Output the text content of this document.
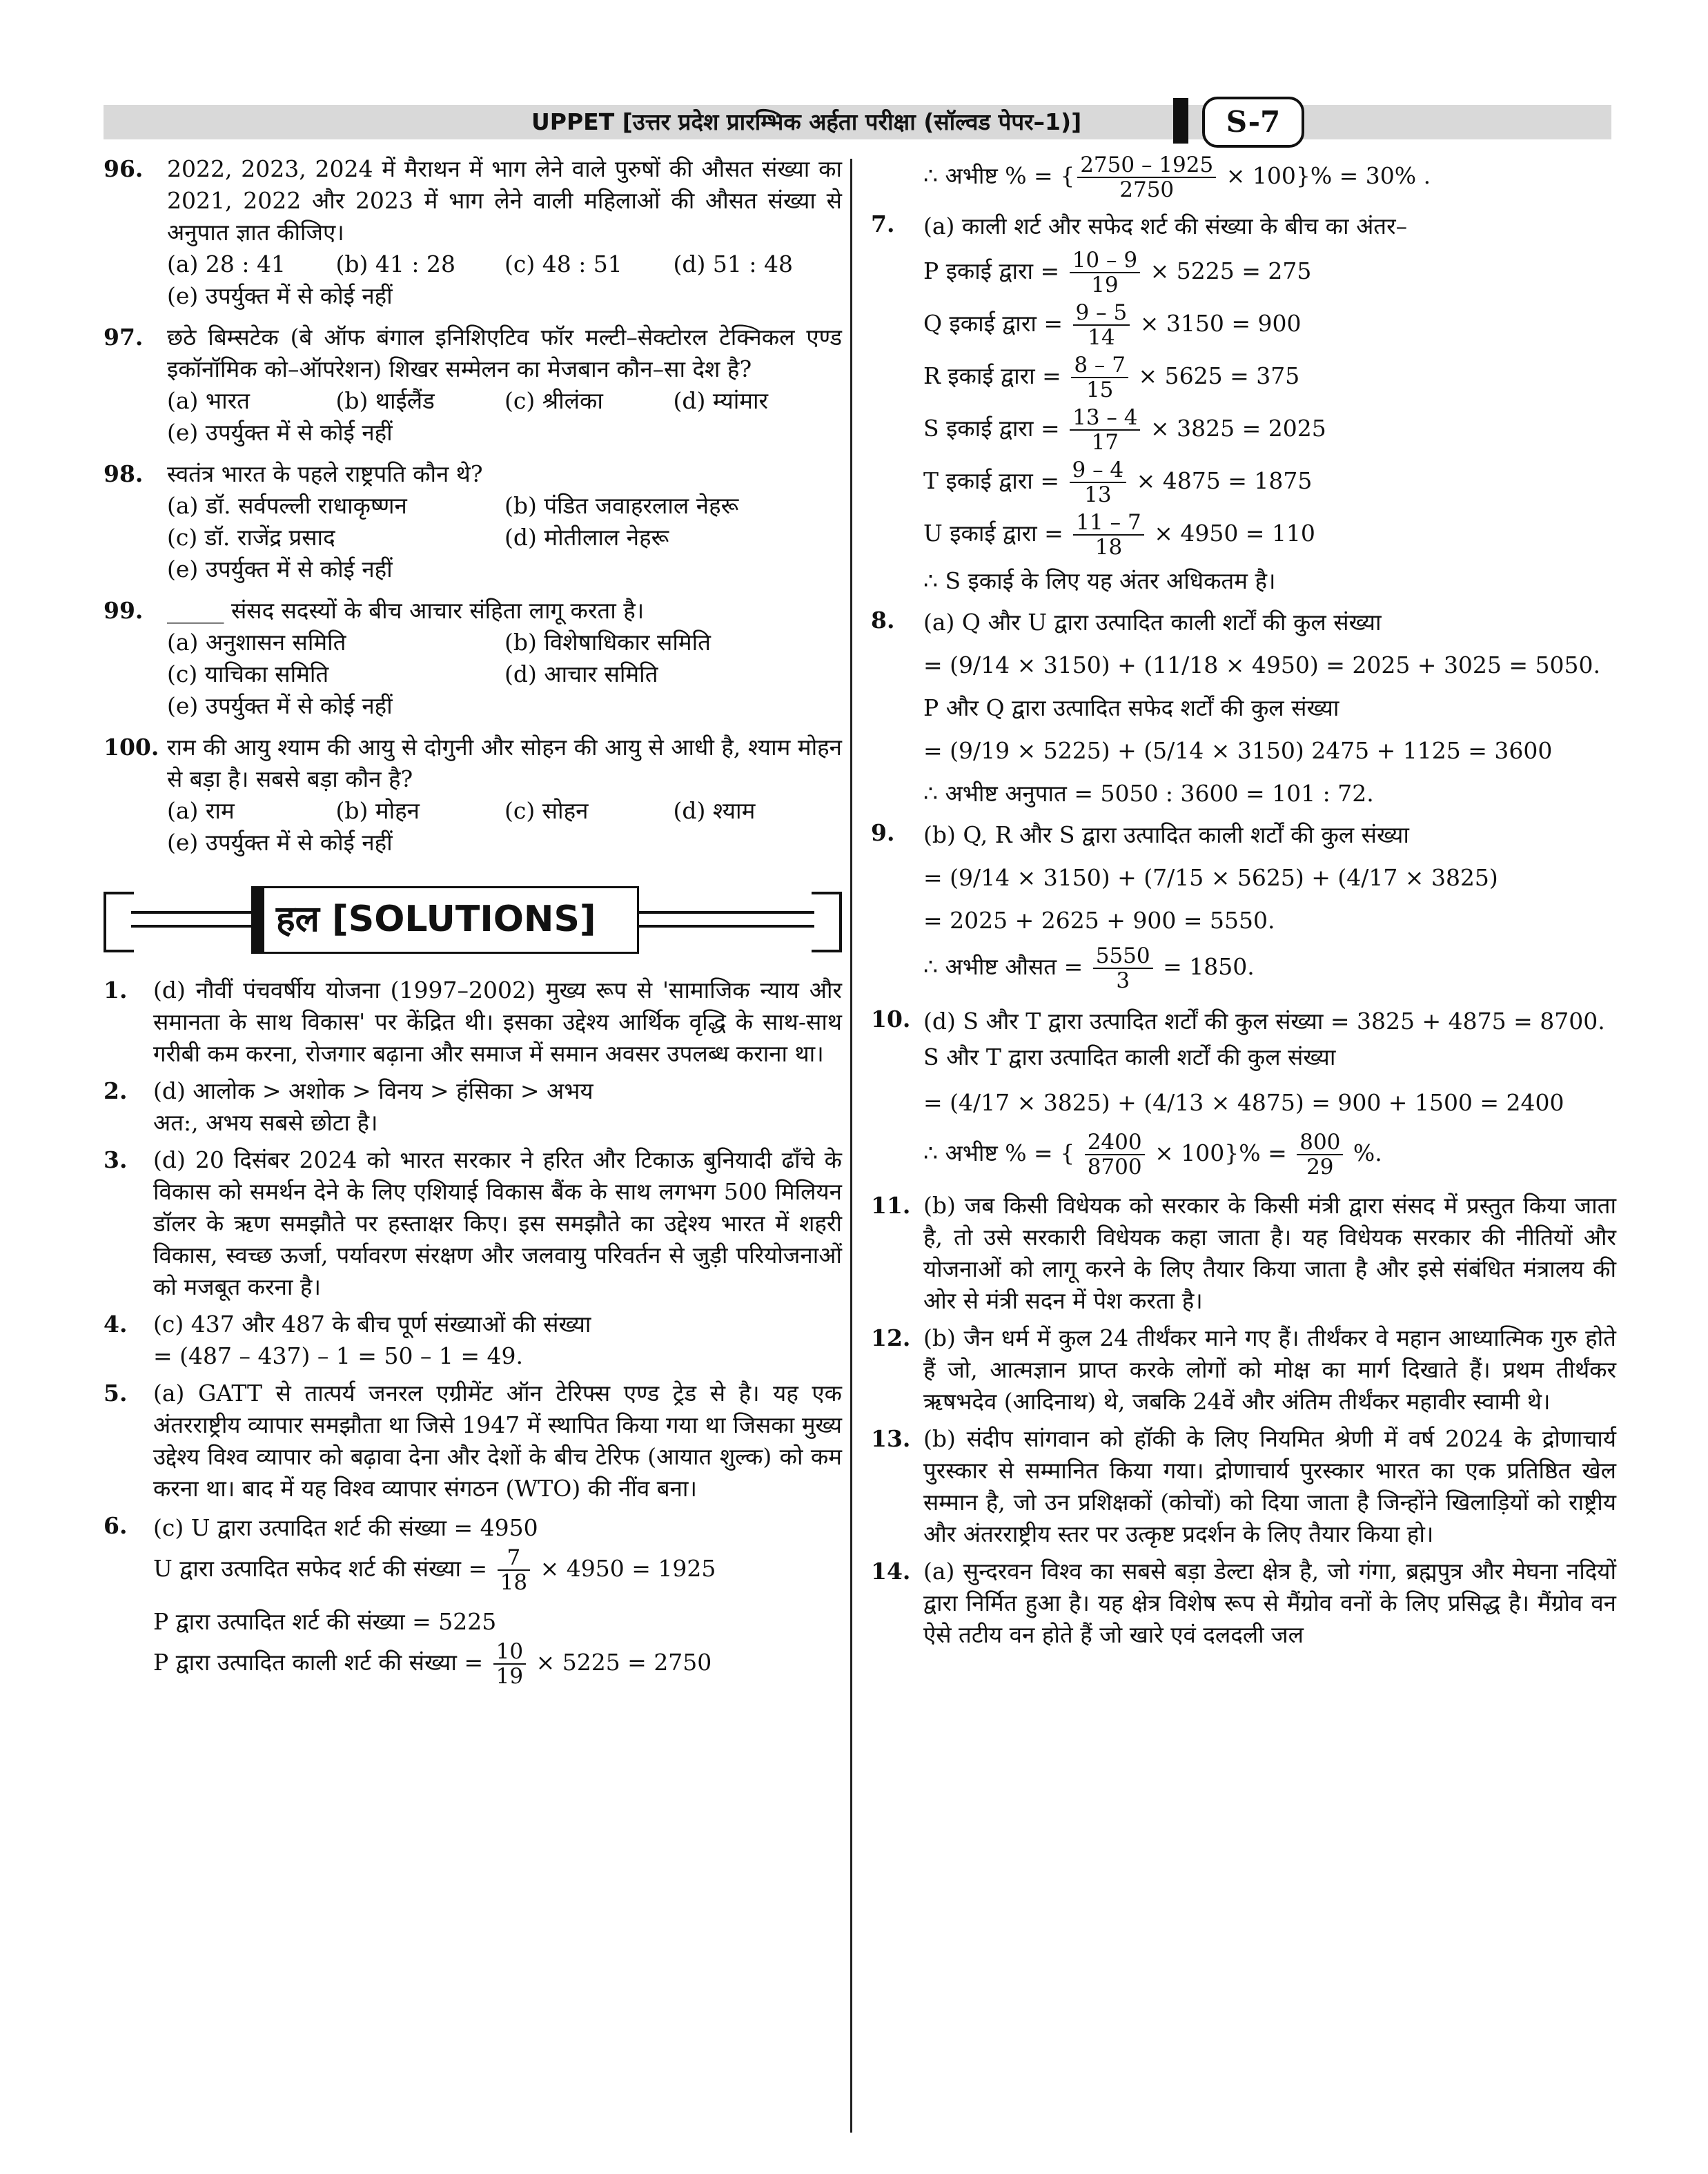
UPPET [उत्तर प्रदेश प्रारम्भिक अर्हता परीक्षा (सॉल्वड पेपर–1)]	S-7
96.	2022, 2023, 2024 में मैराथन में भाग लेने वाले पुरुषों की औसत संख्या का 2021, 2022 और 2023 में भाग लेने वाली महिलाओं की औसत संख्या से अनुपात ज्ञात कीजिए।
(a) 28 : 41	(b) 41 : 28	(c) 48 : 51	(d) 51 : 48
(e) उपर्युक्त में से कोई नहीं
97.	छठे बिम्सटेक (बे ऑफ बंगाल इनिशिएटिव फॉर मल्टी–सेक्टोरल टेक्निकल एण्ड इकॉनॉमिक को–ऑपरेशन) शिखर सम्मेलन का मेजबान कौन–सा देश है?
(a) भारत	(b) थाईलैंड	(c) श्रीलंका	(d) म्यांमार
(e) उपर्युक्त में से कोई नहीं
98.	स्वतंत्र भारत के पहले राष्ट्रपति कौन थे?
(a) डॉ. सर्वपल्ली राधाकृष्णन	(b) पंडित जवाहरलाल नेहरू
(c) डॉ. राजेंद्र प्रसाद	(d) मोतीलाल नेहरू
(e) उपर्युक्त में से कोई नहीं
99.	_____ संसद सदस्यों के बीच आचार संहिता लागू करता है।
(a) अनुशासन समिति	(b) विशेषाधिकार समिति
(c) याचिका समिति	(d) आचार समिति
(e) उपर्युक्त में से कोई नहीं
100. राम की आयु श्याम की आयु से दोगुनी और सोहन की आयु से आधी है, श्याम मोहन से बड़ा है। सबसे बड़ा कौन है?
(a) राम	(b) मोहन	(c) सोहन	(d) श्याम
(e) उपर्युक्त में से कोई नहीं
हल [SOLUTIONS]
1.	(d) नौवीं पंचवर्षीय योजना (1997–2002) मुख्य रूप से 'सामाजिक न्याय और समानता के साथ विकास' पर केंद्रित थी। इसका उद्देश्य आर्थिक वृद्धि के साथ-साथ गरीबी कम करना, रोजगार बढ़ाना और समाज में समान अवसर उपलब्ध कराना था।
2.	(d) आलोक > अशोक > विनय > हंसिका > अभय
अत:, अभय सबसे छोटा है।
3.	(d) 20 दिसंबर 2024 को भारत सरकार ने हरित और टिकाऊ बुनियादी ढाँचे के विकास को समर्थन देने के लिए एशियाई विकास बैंक के साथ लगभग 500 मिलियन डॉलर के ऋण समझौते पर हस्ताक्षर किए। इस समझौते का उद्देश्य भारत में शहरी विकास, स्वच्छ ऊर्जा, पर्यावरण संरक्षण और जलवायु परिवर्तन से जुड़ी परियोजनाओं को मजबूत करना है।
4.	(c) 437 और 487 के बीच पूर्ण संख्याओं की संख्या
= (487 – 437) – 1 = 50 – 1 = 49.
5.	(a) GATT से तात्पर्य जनरल एग्रीमेंट ऑन टेरिफ्स एण्ड ट्रेड से है। यह एक अंतरराष्ट्रीय व्यापार समझौता था जिसे 1947 में स्थापित किया गया था जिसका मुख्य उद्देश्य विश्व व्यापार को बढ़ावा देना और देशों के बीच टेरिफ (आयात शुल्क) को कम करना था। बाद में यह विश्व व्यापार संगठन (WTO) की नींव बना।
6.	(c) U द्वारा उत्पादित शर्ट की संख्या = 4950
U द्वारा उत्पादित सफेद शर्ट की संख्या = $\frac{7}{18} \times 4950 = 1925$
P द्वारा उत्पादित शर्ट की संख्या = 5225
P द्वारा उत्पादित काली शर्ट की संख्या = $\frac{10}{19} \times 5225 = 2750$
∴ अभीष्ट % = { $\frac{2750 - 1925}{2750} \times 100\}\% = 30\%$ .
7.	(a) काली शर्ट और सफेद शर्ट की संख्या के बीच का अंतर–
P इकाई द्वारा = $\frac{10 - 9}{19} \times 5225 = 275$
Q इकाई द्वारा = $\frac{9 - 5}{14} \times 3150 = 900$
R इकाई द्वारा = $\frac{8 - 7}{15} \times 5625 = 375$
S इकाई द्वारा = $\frac{13 - 4}{17} \times 3825 = 2025$
T इकाई द्वारा = $\frac{9 - 4}{13} \times 4875 = 1875$
U इकाई द्वारा = $\frac{11 - 7}{18} \times 4950 = 110$
∴ S इकाई के लिए यह अंतर अधिकतम है।
8.	(a) Q और U द्वारा उत्पादित काली शर्टों की कुल संख्या
= (9/14 × 3150) + (11/18 × 4950) = 2025 + 3025 = 5050.
P और Q द्वारा उत्पादित सफेद शर्टों की कुल संख्या
= (9/19 × 5225) + (5/14 × 3150) 2475 + 1125 = 3600
∴ अभीष्ट अनुपात = 5050 : 3600 = 101 : 72.
9.	(b) Q, R और S द्वारा उत्पादित काली शर्टों की कुल संख्या
= (9/14 × 3150) + (7/15 × 5625) + (4/17 × 3825)
= 2025 + 2625 + 900 = 5550.
∴ अभीष्ट औसत = $\frac{5550}{3} = 1850$.
10. (d) S और T द्वारा उत्पादित शर्टों की कुल संख्या = 3825 + 4875 = 8700.
S और T द्वारा उत्पादित काली शर्टों की कुल संख्या
= (4/17 × 3825) + (4/13 × 4875) = 900 + 1500 = 2400
∴ अभीष्ट % = { $\frac{2400}{8700} \times 100\}\% = \frac{800}{29}$ %.
11. (b) जब किसी विधेयक को सरकार के किसी मंत्री द्वारा संसद में प्रस्तुत किया जाता है, तो उसे सरकारी विधेयक कहा जाता है। यह विधेयक सरकार की नीतियों और योजनाओं को लागू करने के लिए तैयार किया जाता है और इसे संबंधित मंत्रालय की ओर से मंत्री सदन में पेश करता है।
12. (b) जैन धर्म में कुल 24 तीर्थंकर माने गए हैं। तीर्थंकर वे महान आध्यात्मिक गुरु होते हैं जो, आत्मज्ञान प्राप्त करके लोगों को मोक्ष का मार्ग दिखाते हैं। प्रथम तीर्थंकर ऋषभदेव (आदिनाथ) थे, जबकि 24वें और अंतिम तीर्थंकर महावीर स्वामी थे।
13. (b) संदीप सांगवान को हॉकी के लिए नियमित श्रेणी में वर्ष 2024 के द्रोणाचार्य पुरस्कार से सम्मानित किया गया। द्रोणाचार्य पुरस्कार भारत का एक प्रतिष्ठित खेल सम्मान है, जो उन प्रशिक्षकों (कोचों) को दिया जाता है जिन्होंने खिलाड़ियों को राष्ट्रीय और अंतरराष्ट्रीय स्तर पर उत्कृष्ट प्रदर्शन के लिए तैयार किया हो।
14. (a) सुन्दरवन विश्व का सबसे बड़ा डेल्टा क्षेत्र है, जो गंगा, ब्रह्मपुत्र और मेघना नदियों द्वारा निर्मित हुआ है। यह क्षेत्र विशेष रूप से मैंग्रोव वनों के लिए प्रसिद्ध है। मैंग्रोव वन ऐसे तटीय वन होते हैं जो खारे एवं दलदली जल
